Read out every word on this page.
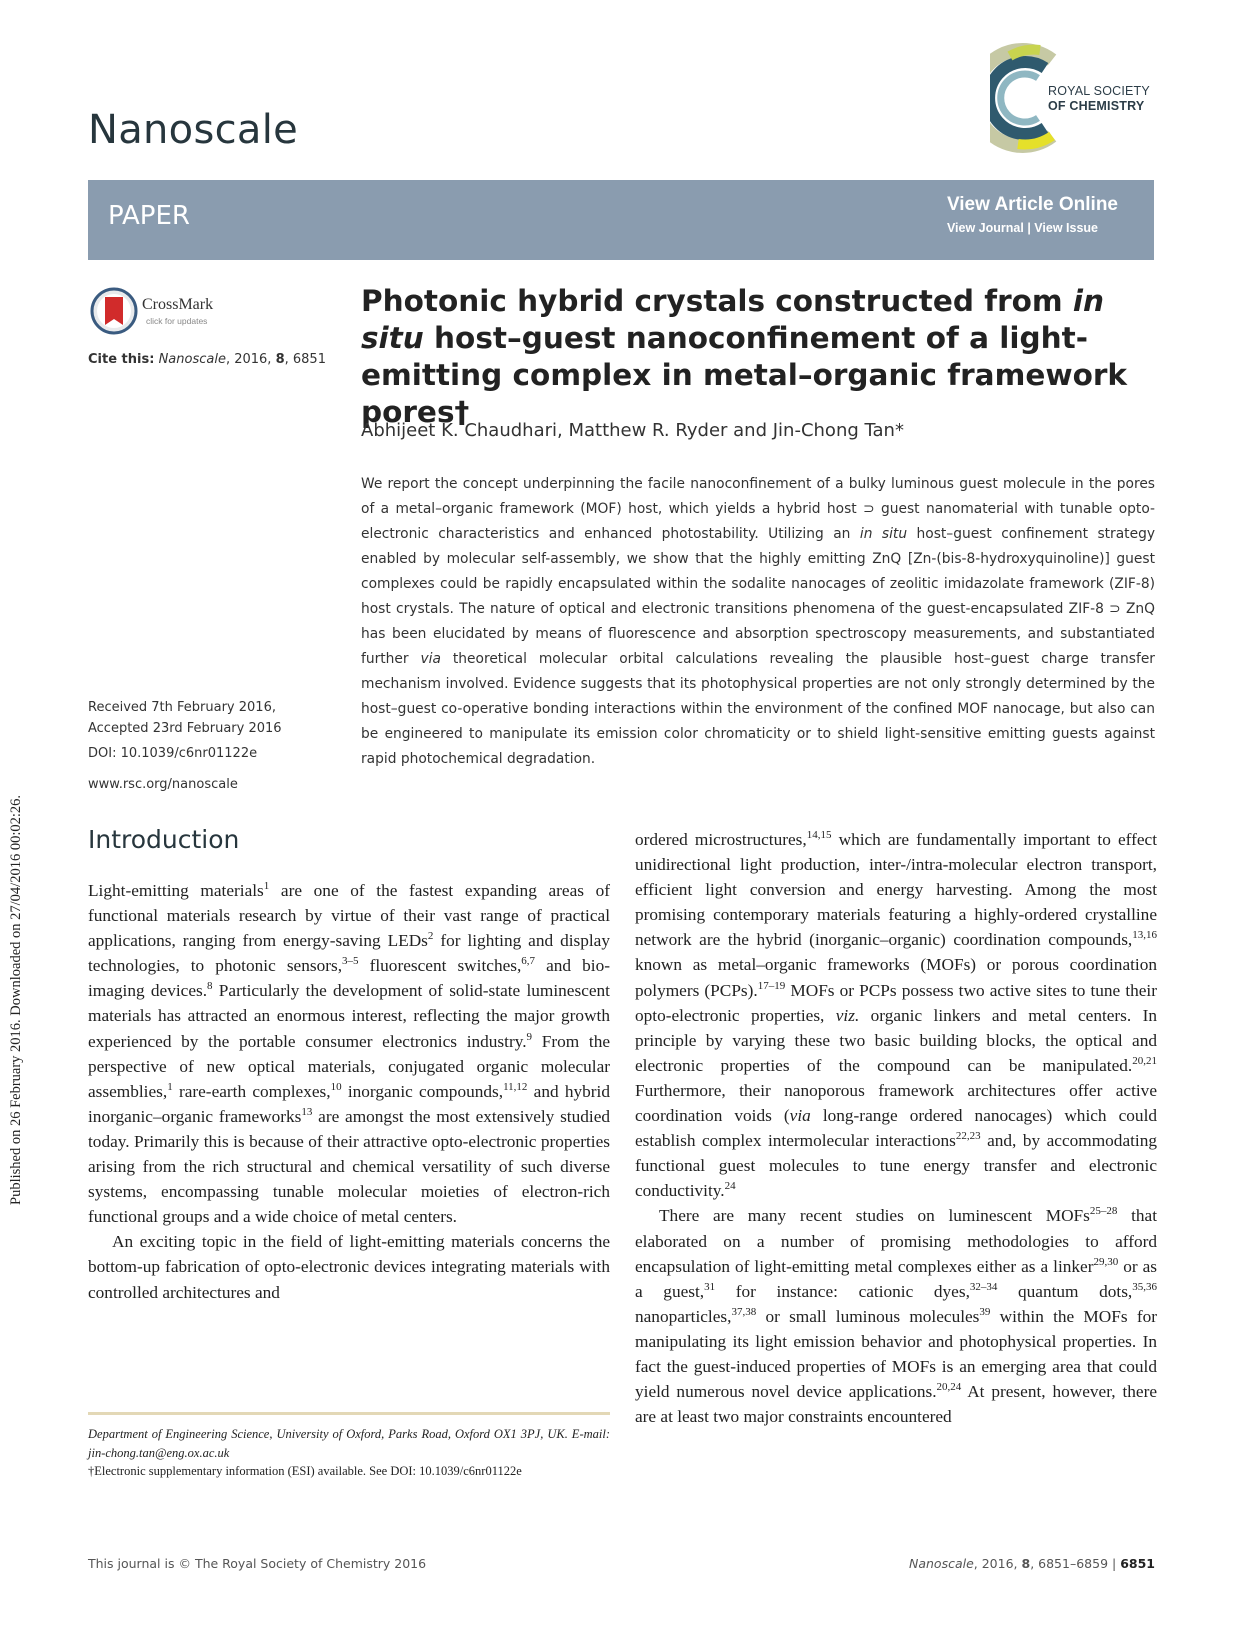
Published on 26 February 2016. Downloaded on 27/04/2016 00:02:26.
Nanoscale
ROYAL SOCIETY
OF CHEMISTRY
PAPER	View Article Online
View Journal | View Issue
CrossMark
click for updates
Cite this: Nanoscale, 2016, 8, 6851
Received 7th February 2016,
Accepted 23rd February 2016
DOI: 10.1039/c6nr01122e
www.rsc.org/nanoscale
Photonic hybrid crystals constructed from in situ host–guest nanoconfinement of a light-emitting complex in metal–organic framework pores†
Abhijeet K. Chaudhari, Matthew R. Ryder and Jin-Chong Tan*
We report the concept underpinning the facile nanoconfinement of a bulky luminous guest molecule in the pores of a metal–organic framework (MOF) host, which yields a hybrid host ⊃ guest nanomaterial with tunable opto-electronic characteristics and enhanced photostability. Utilizing an in situ host–guest confinement strategy enabled by molecular self-assembly, we show that the highly emitting ZnQ [Zn-(bis-8-hydroxyquinoline)] guest complexes could be rapidly encapsulated within the sodalite nanocages of zeolitic imidazolate framework (ZIF-8) host crystals. The nature of optical and electronic transitions phenomena of the guest-encapsulated ZIF-8 ⊃ ZnQ has been elucidated by means of fluorescence and absorption spectroscopy measurements, and substantiated further via theoretical molecular orbital calculations revealing the plausible host–guest charge transfer mechanism involved. Evidence suggests that its photophysical properties are not only strongly determined by the host–guest co-operative bonding interactions within the environment of the confined MOF nanocage, but also can be engineered to manipulate its emission color chromaticity or to shield light-sensitive emitting guests against rapid photochemical degradation.
Introduction

Light-emitting materials$^1$ are one of the fastest expanding areas of functional materials research by virtue of their vast range of practical applications, ranging from energy-saving LEDs$^2$ for lighting and display technologies, to photonic sensors,$^{3-5}$ fluorescent switches,$^{6,7}$ and bio-imaging devices.$^8$ Particularly the development of solid-state luminescent materials has attracted an enormous interest, reflecting the major growth experienced by the portable consumer electronics industry.$^9$ From the perspective of new optical materials, conjugated organic molecular assemblies,$^1$ rare-earth complexes,$^{10}$ inorganic compounds,$^{11,12}$ and hybrid inorganic–organic frameworks$^{13}$ are amongst the most extensively studied today. Primarily this is because of their attractive opto-electronic properties arising from the rich structural and chemical versatility of such diverse systems, encompassing tunable molecular moieties of electron-rich functional groups and a wide choice of metal centers.

An exciting topic in the field of light-emitting materials concerns the bottom-up fabrication of opto-electronic devices integrating materials with controlled architectures and

ordered microstructures,$^{14,15}$ which are fundamentally important to effect unidirectional light production, inter-/intra-molecular electron transport, efficient light conversion and energy harvesting. Among the most promising contemporary materials featuring a highly-ordered crystalline network are the hybrid (inorganic–organic) coordination compounds,$^{13,16}$ known as metal–organic frameworks (MOFs) or porous coordination polymers (PCPs).$^{17-19}$ MOFs or PCPs possess two active sites to tune their opto-electronic properties, viz. organic linkers and metal centers. In principle by varying these two basic building blocks, the optical and electronic properties of the compound can be manipulated.$^{20,21}$ Furthermore, their nanoporous framework architectures offer active coordination voids (via long-range ordered nanocages) which could establish complex intermolecular interactions$^{22,23}$ and, by accommodating functional guest molecules to tune energy transfer and electronic conductivity.$^{24}$

There are many recent studies on luminescent MOFs$^{25-28}$ that elaborated on a number of promising methodologies to afford encapsulation of light-emitting metal complexes either as a linker$^{29,30}$ or as a guest,$^{31}$ for instance: cationic dyes,$^{32-34}$ quantum dots,$^{35,36}$ nanoparticles,$^{37,38}$ or small luminous molecules$^{39}$ within the MOFs for manipulating its light emission behavior and photophysical properties. In fact the guest-induced properties of MOFs is an emerging area that could yield numerous novel device applications.$^{20,24}$ At present, however, there are at least two major constraints encountered

Department of Engineering Science, University of Oxford, Parks Road, Oxford OX1 3PJ, UK. E-mail: jin-chong.tan@eng.ox.ac.uk
†Electronic supplementary information (ESI) available. See DOI: 10.1039/c6nr01122e
This journal is © The Royal Society of Chemistry 2016	Nanoscale, 2016, 8, 6851–6859 | 6851
